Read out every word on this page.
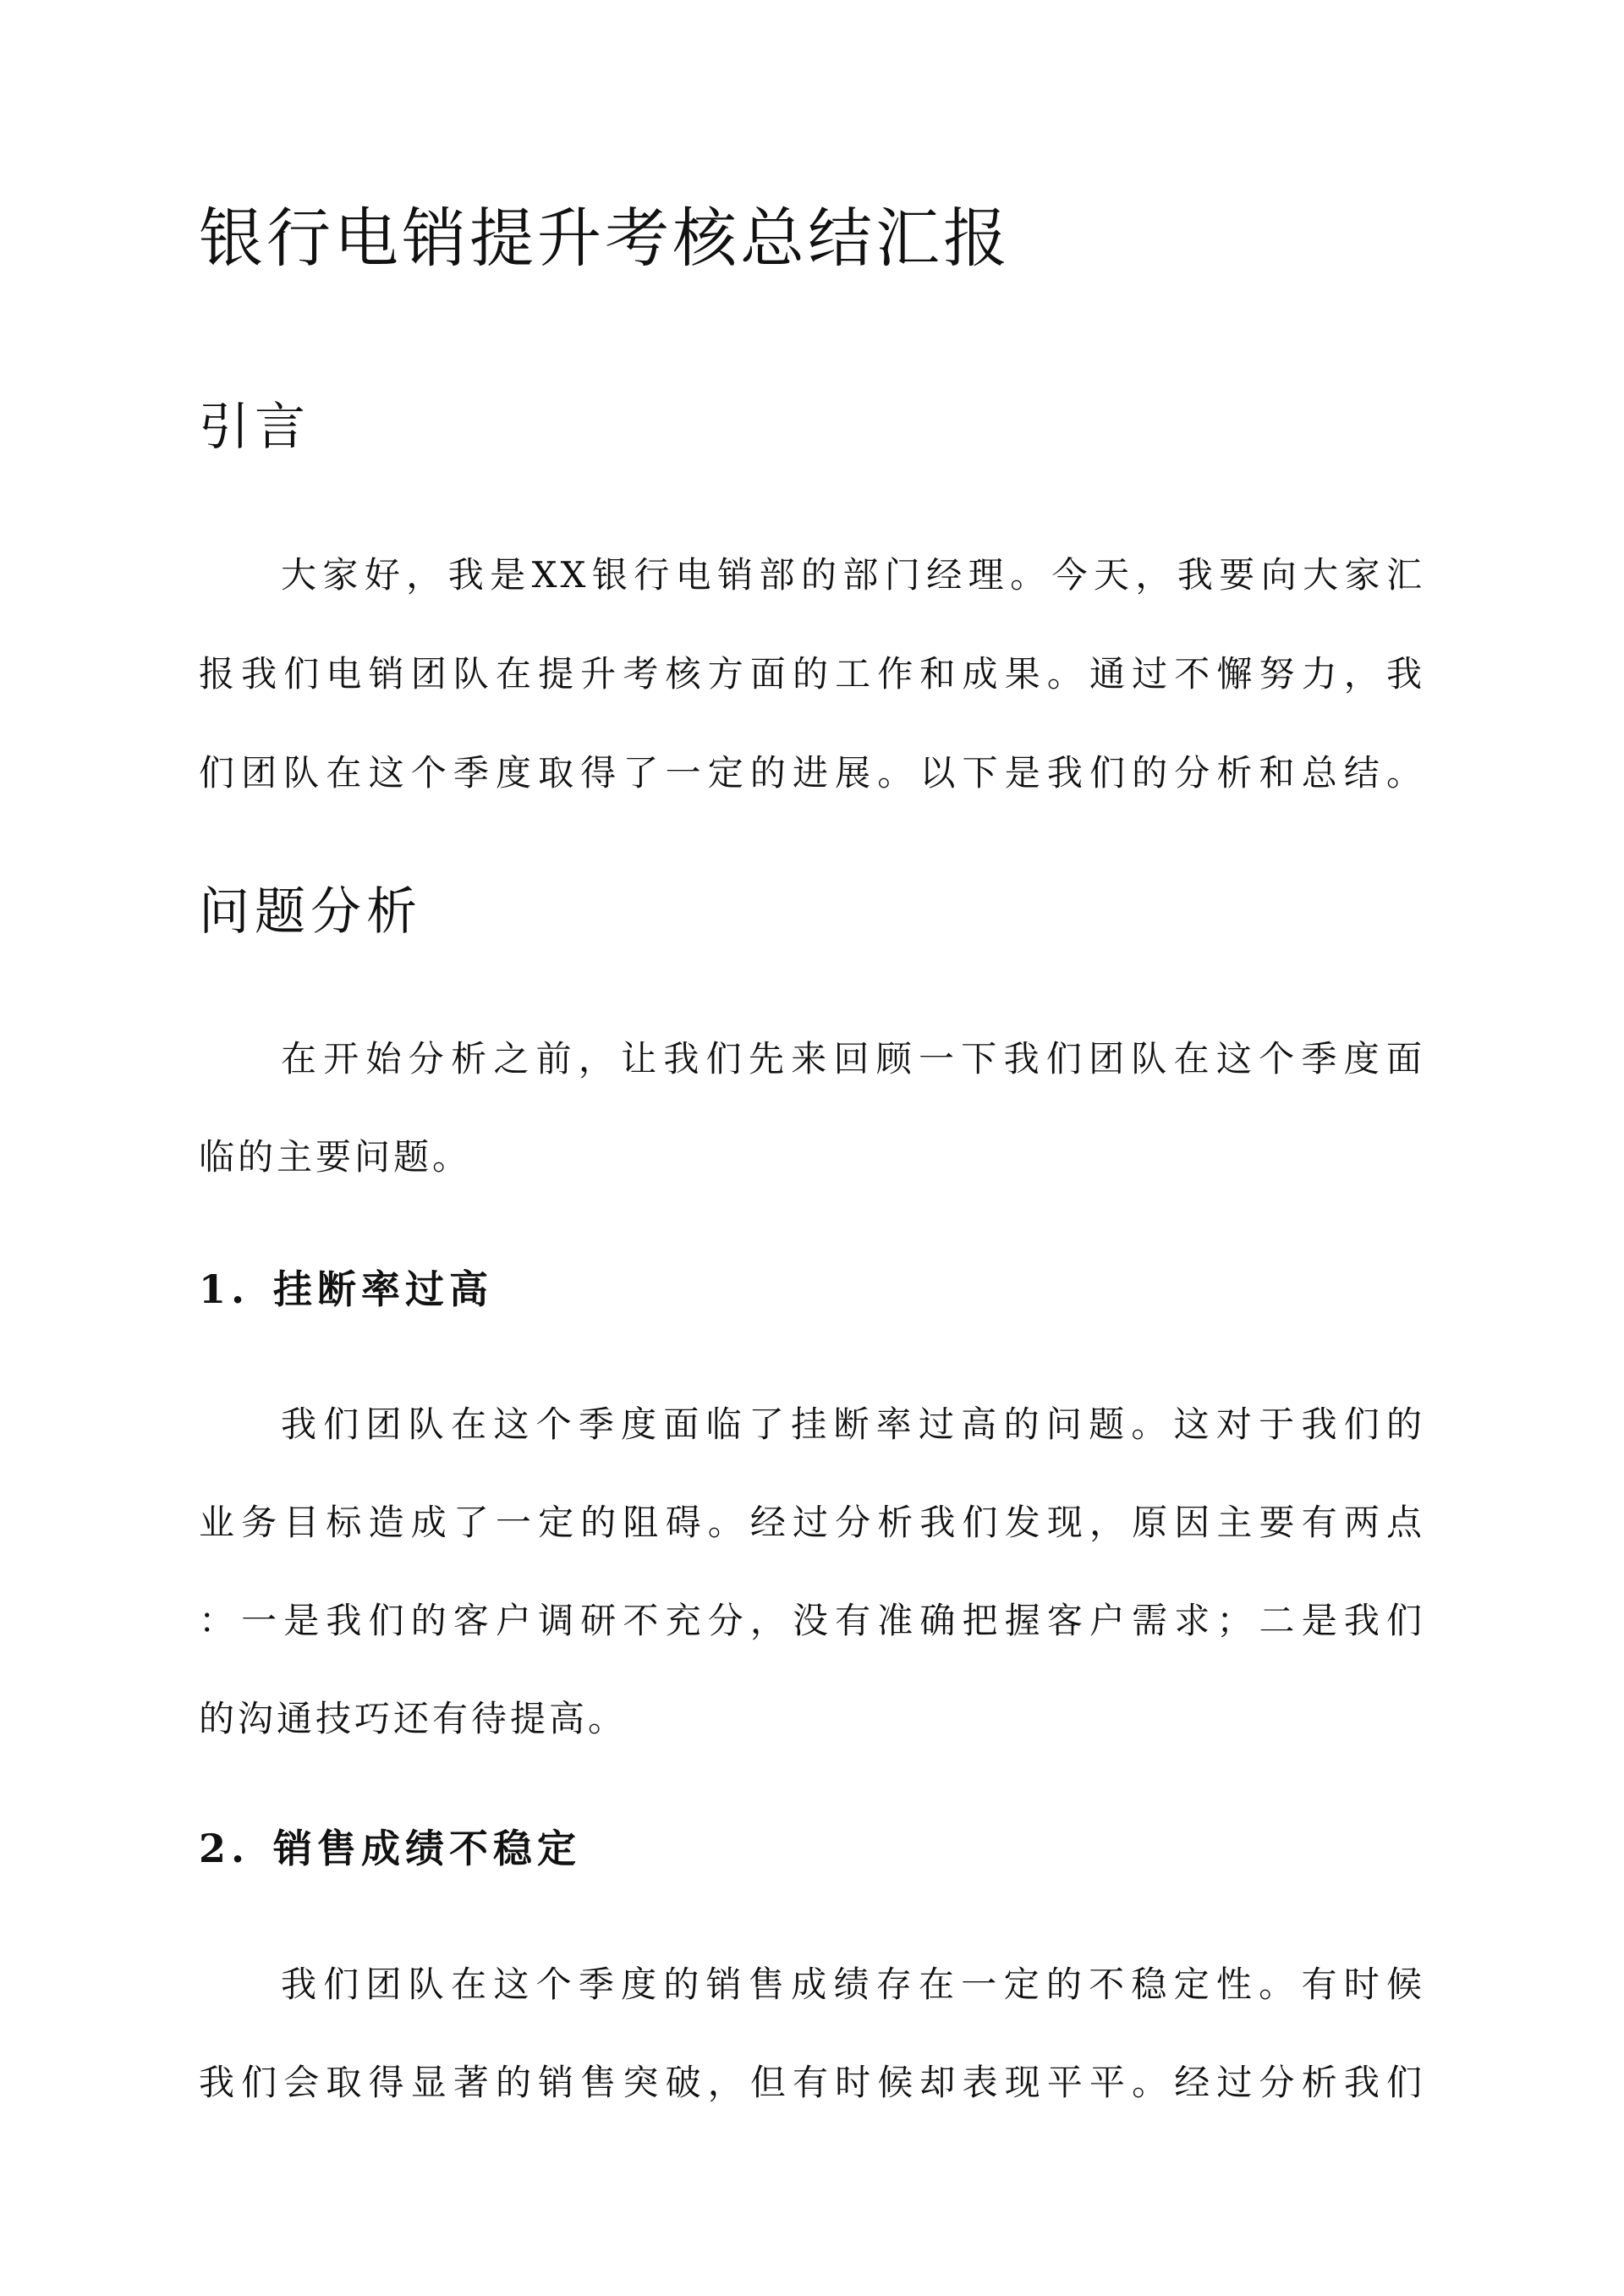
银行电销提升考核总结汇报
引言

大家好，我是XX银行电销部的部门经理。今天，我要向大家汇

报我们电销团队在提升考核方面的工作和成果。通过不懈努力，我

们团队在这个季度取得了一定的进展。以下是我们的分析和总结。

问题分析

在开始分析之前，让我们先来回顾一下我们团队在这个季度面

临的主要问题。

1. 挂断率过高

我们团队在这个季度面临了挂断率过高的问题。这对于我们的

业务目标造成了一定的阻碍。经过分析我们发现，原因主要有两点

：一是我们的客户调研不充分，没有准确把握客户需求；二是我们

的沟通技巧还有待提高。

2. 销售成绩不稳定

我们团队在这个季度的销售成绩存在一定的不稳定性。有时候

我们会取得显著的销售突破，但有时候却表现平平。经过分析我们
